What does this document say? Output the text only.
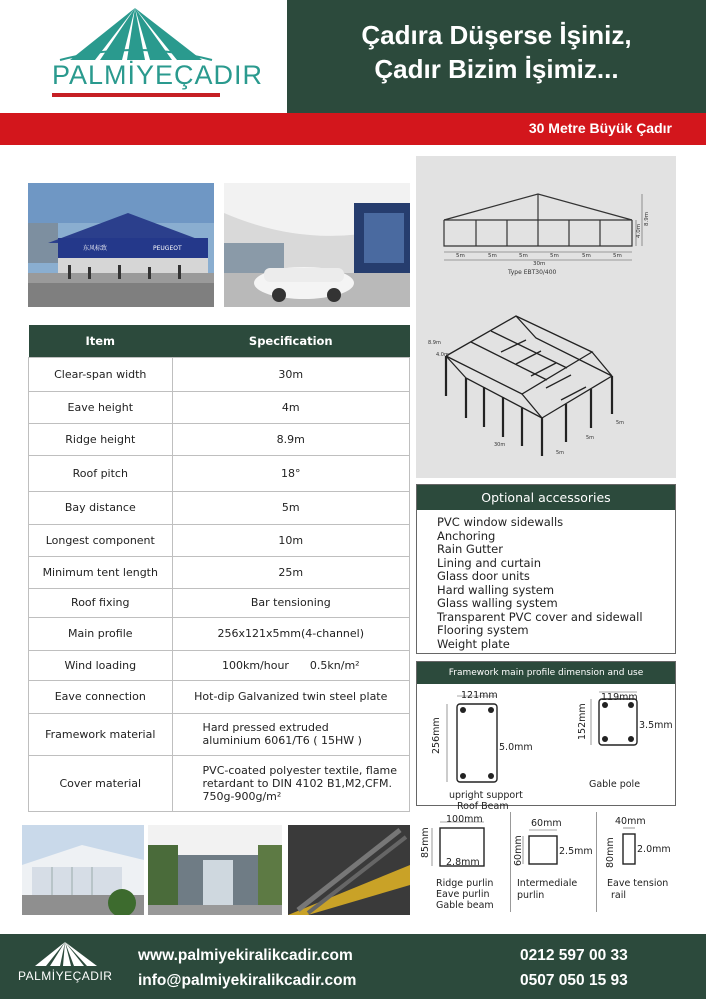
PALMİYEÇADIR
Çadıra Düşerse İşiniz,
Çadır Bizim İşimiz...
30 Metre Büyük Çadır
东风标致	PEUGEOT
Item	Specification
Clear-span width	30m
Eave height	4m
Ridge height	8.9m
Roof pitch	18°
Bay distance	5m
Longest component	10m
Minimum tent length	25m
Roof fixing	Bar tensioning
Main profile	256x121x5mm(4-channel)
Wind loading	100km/hour      0.5kn/m²
Eave connection	Hot-dip Galvanized twin steel plate
Framework material	Hard pressed extruded
aluminium 6061/T6 ( 15HW )

Cover material	PVC-coated polyester textile, flame
retardant to DIN 4102 B1,M2,CFM.
750g-900g/m²
5m	5m	5m	5m	5m	5m
30m
Type EBT30/400
8.9m
4.0m
8.9m
4.0m
5m
5m
5m
30m
Optional accessories
PVC window sidewalls
Anchoring
Rain Gutter
Lining and curtain
Glass door units
Hard walling system
Glass walling system
Transparent PVC cover and sidewall
Flooring system
Weight plate
Framework main profile dimension and use
121mm
256mm	5.0mm
upright support
Roof Beam
119mm
152mm	3.5mm
Gable pole
100mm
85mm
2.8mm
Ridge purlin
Eave purlin
Gable beam
60mm
60mm	2.5mm
Intermediale
purlin
40mm
80mm 2.0mm
Eave tension
rail
PALMİYEÇADIR
www.palmiyekiralikcadir.com
info@palmiyekiralikcadir.com
0212 597 00 33
0507 050 15 93
